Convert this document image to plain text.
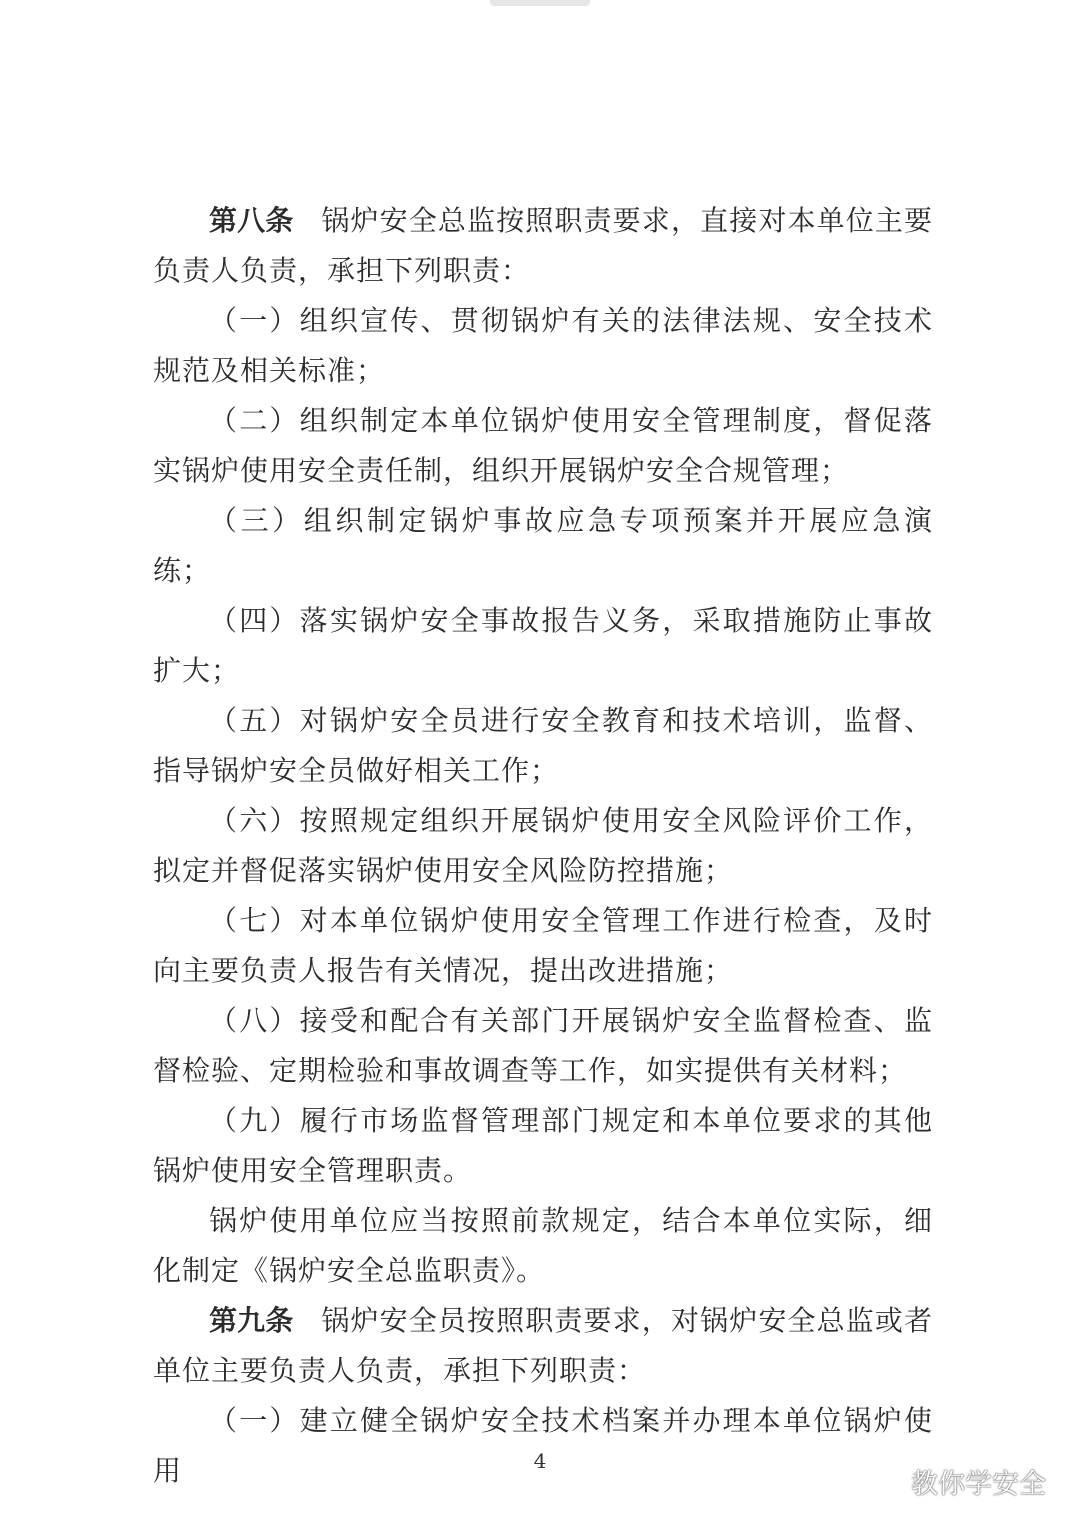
第八条 锅炉安全总监按照职责要求，直接对本单位主要负责人负责，承担下列职责：

（一）组织宣传、贯彻锅炉有关的法律法规、安全技术规范及相关标准；

（二）组织制定本单位锅炉使用安全管理制度，督促落实锅炉使用安全责任制，组织开展锅炉安全合规管理；

（三）组织制定锅炉事故应急专项预案并开展应急演练；

（四）落实锅炉安全事故报告义务，采取措施防止事故扩大；

（五）对锅炉安全员进行安全教育和技术培训，监督、指导锅炉安全员做好相关工作；

（六）按照规定组织开展锅炉使用安全风险评价工作，拟定并督促落实锅炉使用安全风险防控措施；

（七）对本单位锅炉使用安全管理工作进行检查，及时向主要负责人报告有关情况，提出改进措施；

（八）接受和配合有关部门开展锅炉安全监督检查、监督检验、定期检验和事故调查等工作，如实提供有关材料；

（九）履行市场监督管理部门规定和本单位要求的其他锅炉使用安全管理职责。

锅炉使用单位应当按照前款规定，结合本单位实际，细化制定《锅炉安全总监职责》。

第九条 锅炉安全员按照职责要求，对锅炉安全总监或者单位主要负责人负责，承担下列职责：

（一）建立健全锅炉安全技术档案并办理本单位锅炉使用	4
教你学安全
